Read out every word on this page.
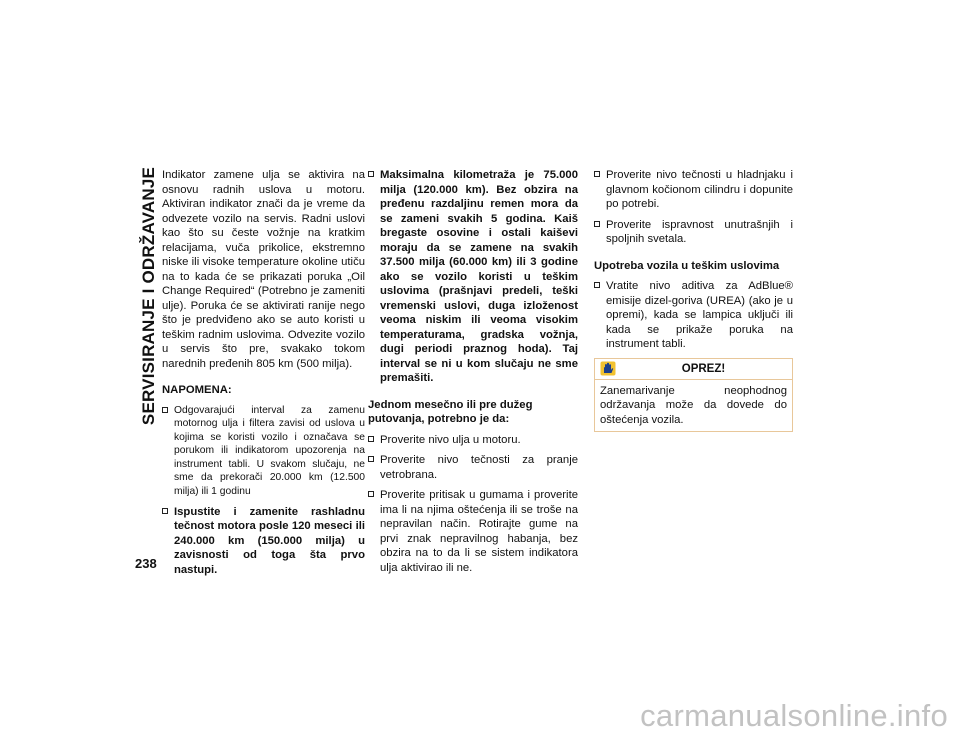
SERVISIRANJE I ODRŽAVANJE Indikator zamene ulja se aktivira na osnovu radnih uslova u motoru. Aktiviran indikator znači da je vreme da odvezete vozilo na servis. Radni uslovi kao što su česte vožnje na kratkim relacijama, vuča prikolice, ekstremno niske ili visoke temperature okoline utiču na to kada će se prikazati poruka „Oil Change Required“ (Potrebno je zameniti ulje). Poruka će se aktivirati ranije nego što je predviđeno ako se auto koristi u teškim radnim uslovima. Odvezite vozilo u servis što pre, svakako tokom narednih pređenih 805 km (500 milja).

NAPOMENA:
Odgovarajući interval za zamenu motornog ulja i filtera zavisi od uslova u kojima se koristi vozilo i označava se porukom ili indikatorom upozorenja na instrument tabli. U svakom slučaju, ne sme da prekorači 20.000 km (12.500 milja) ili 1 godinu
Ispustite i zamenite rashladnu tečnost motora posle 120 meseci ili 240.000 km (150.000 milja) u zavisnosti od toga šta prvo nastupi.
Maksimalna kilometraža je 75.000 milja (120.000 km). Bez obzira na pređenu razdaljinu remen mora da se zameni svakih 5 godina. Kaiš bregaste osovine i ostali kaiševi moraju da se zamene na svakih 37.500 milja (60.000 km) ili 3 godine ako se vozilo koristi u teškim uslovima (prašnjavi predeli, teški vremenski uslovi, duga izloženost veoma niskim ili veoma visokim temperaturama, gradska vožnja, dugi periodi praznog hoda). Taj interval se ni u kom slučaju ne sme premašiti.
Jednom mesečno ili pre dužeg putovanja, potrebno je da:
Proverite nivo ulja u motoru.
Proverite nivo tečnosti za pranje vetrobrana.
Proverite pritisak u gumama i proverite ima li na njima oštećenja ili se troše na nepravilan način. Rotirajte gume na prvi znak nepravilnog habanja, bez obzira na to da li se sistem indikatora ulja aktivirao ili ne.
Proverite nivo tečnosti u hladnjaku i glavnom kočionom cilindru i dopunite po potrebi.
Proverite ispravnost unutrašnjih i spoljnih svetala.
Upotreba vozila u teškim uslovima
Vratite nivo aditiva za AdBlue® emisije dizel-goriva (UREA) (ako je u opremi), kada se lampica uključi ili kada se prikaže poruka na instrument tabli.
OPREZ!
Zanemarivanje neophodnog održavanja može da dovede do oštećenja vozila.
238
carmanualsonline.info
